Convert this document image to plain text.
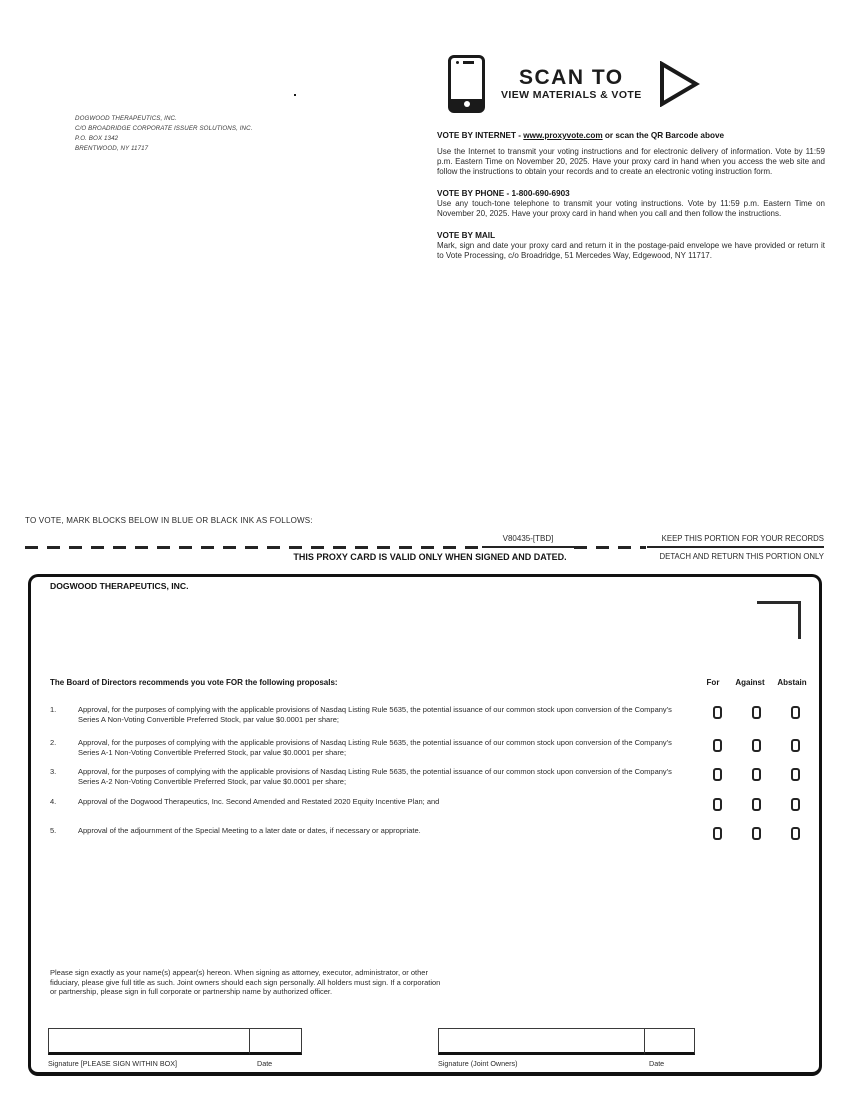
DOGWOOD THERAPEUTICS, INC.
C/O BROADRIDGE CORPORATE ISSUER SOLUTIONS, INC.
P.O. BOX 1342
BRENTWOOD, NY 11717
SCAN TO
VIEW MATERIALS & VOTE
VOTE BY INTERNET - www.proxyvote.com or scan the QR Barcode above
Use the Internet to transmit your voting instructions and for electronic delivery of information. Vote by 11:59 p.m. Eastern Time on November 20, 2025. Have your proxy card in hand when you access the web site and follow the instructions to obtain your records and to create an electronic voting instruction form.
VOTE BY PHONE - 1-800-690-6903
Use any touch-tone telephone to transmit your voting instructions. Vote by 11:59 p.m. Eastern Time on November 20, 2025. Have your proxy card in hand when you call and then follow the instructions.
VOTE BY MAIL
Mark, sign and date your proxy card and return it in the postage-paid envelope we have provided or return it to Vote Processing, c/o Broadridge, 51 Mercedes Way, Edgewood, NY 11717.
TO VOTE, MARK BLOCKS BELOW IN BLUE OR BLACK INK AS FOLLOWS:
V80435-[TBD]	KEEP THIS PORTION FOR YOUR RECORDS
THIS PROXY CARD IS VALID ONLY WHEN SIGNED AND DATED.	DETACH AND RETURN THIS PORTION ONLY
DOGWOOD THERAPEUTICS, INC.
The Board of Directors recommends you vote FOR the following proposals:	For	Against	Abstain
1.	Approval, for the purposes of complying with the applicable provisions of Nasdaq Listing Rule 5635, the potential issuance of our common stock upon conversion of the Company's Series A Non-Voting Convertible Preferred Stock, par value $0.0001 per share;
2.	Approval, for the purposes of complying with the applicable provisions of Nasdaq Listing Rule 5635, the potential issuance of our common stock upon conversion of the Company's Series A-1 Non-Voting Convertible Preferred Stock, par value $0.0001 per share;
3.	Approval, for the purposes of complying with the applicable provisions of Nasdaq Listing Rule 5635, the potential issuance of our common stock upon conversion of the Company's Series A-2 Non-Voting Convertible Preferred Stock, par value $0.0001 per share;
4.	Approval of the Dogwood Therapeutics, Inc. Second Amended and Restated 2020 Equity Incentive Plan; and
5.	Approval of the adjournment of the Special Meeting to a later date or dates, if necessary or appropriate.
Please sign exactly as your name(s) appear(s) hereon. When signing as attorney, executor, administrator, or other fiduciary, please give full title as such. Joint owners should each sign personally. All holders must sign. If a corporation or partnership, please sign in full corporate or partnership name by authorized officer.
Signature [PLEASE SIGN WITHIN BOX]	Date	Signature (Joint Owners)	Date
